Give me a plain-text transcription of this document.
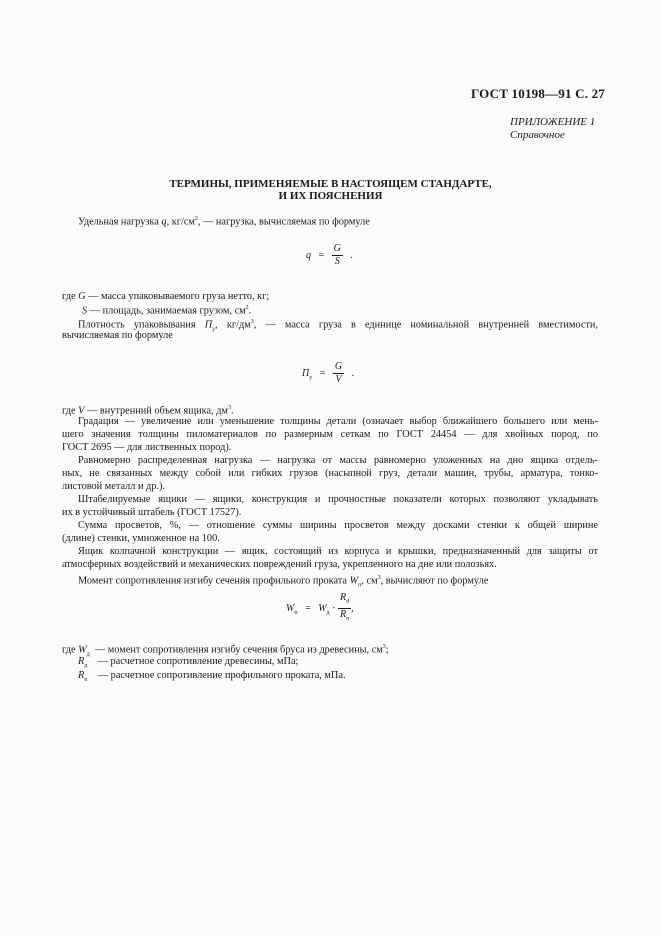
ГОСТ 10198—91 С. 27
ПРИЛОЖЕНИЕ 1
Справочное
ТЕРМИНЫ, ПРИМЕНЯЕМЫЕ В НАСТОЯЩЕМ СТАНДАРТЕ,
И ИХ ПОЯСНЕНИЯ
Удельная нагрузка q, $кг/см^2$, — нагрузка, вычисляемая по формуле
$q = \frac{G}{S}$ .
где G — масса упаковываемого груза нетто, кг;
S — площадь, занимаемая грузом, $см^2$.
Плотность упаковывания $П_у$, $кг/дм^3$, — масса груза в единице номинальной внутренней вместимости,
вычисляемая по формуле
$П_у = \frac{G}{V}$ .
где V — внутренний объем ящика, $дм^3$.
Градация — увеличение или уменьшение толщины детали (означает выбор ближайшего большего или мень-
шего значения толщины пиломатериалов по размерным сеткам по ГОСТ 24454 — для хвойных пород, по
ГОСТ 2695 — для лиственных пород).
Равномерно распределенная нагрузка — нагрузка от массы равномерно уложенных на дно ящика отдель-
ных, не связанных между собой или гибких грузов (насыпной груз, детали машин, трубы, арматура, тонко-
листовой металл и др.).
Штабелируемые ящики — ящики, конструкция и прочностные показатели которых позволяют укладывать
их в устойчивый штабель (ГОСТ 17527).
Сумма просветов, %, — отношение суммы ширины просветов между досками стенки к общей ширине
(длине) стенки, умноженное на 100.
Ящик колпачной конструкции — ящик, состоящий из корпуса и крышки, предназначенный для защиты от
атмосферных воздействий и механических повреждений груза, укрепленного на дне или полозьях.
Момент сопротивления изгибу сечения профильного проката $W_п$, $см^3$, вычисляют по формуле
$W_п = W_д \cdot \frac{R_д}{R_п}$ ,
где $W_д$ — момент сопротивления изгибу сечения бруса из древесины, $см^3$;
$R_д$ — расчетное сопротивление древесины, мПа;
$R_п$ — расчетное сопротивление профильного проката, мПа.
